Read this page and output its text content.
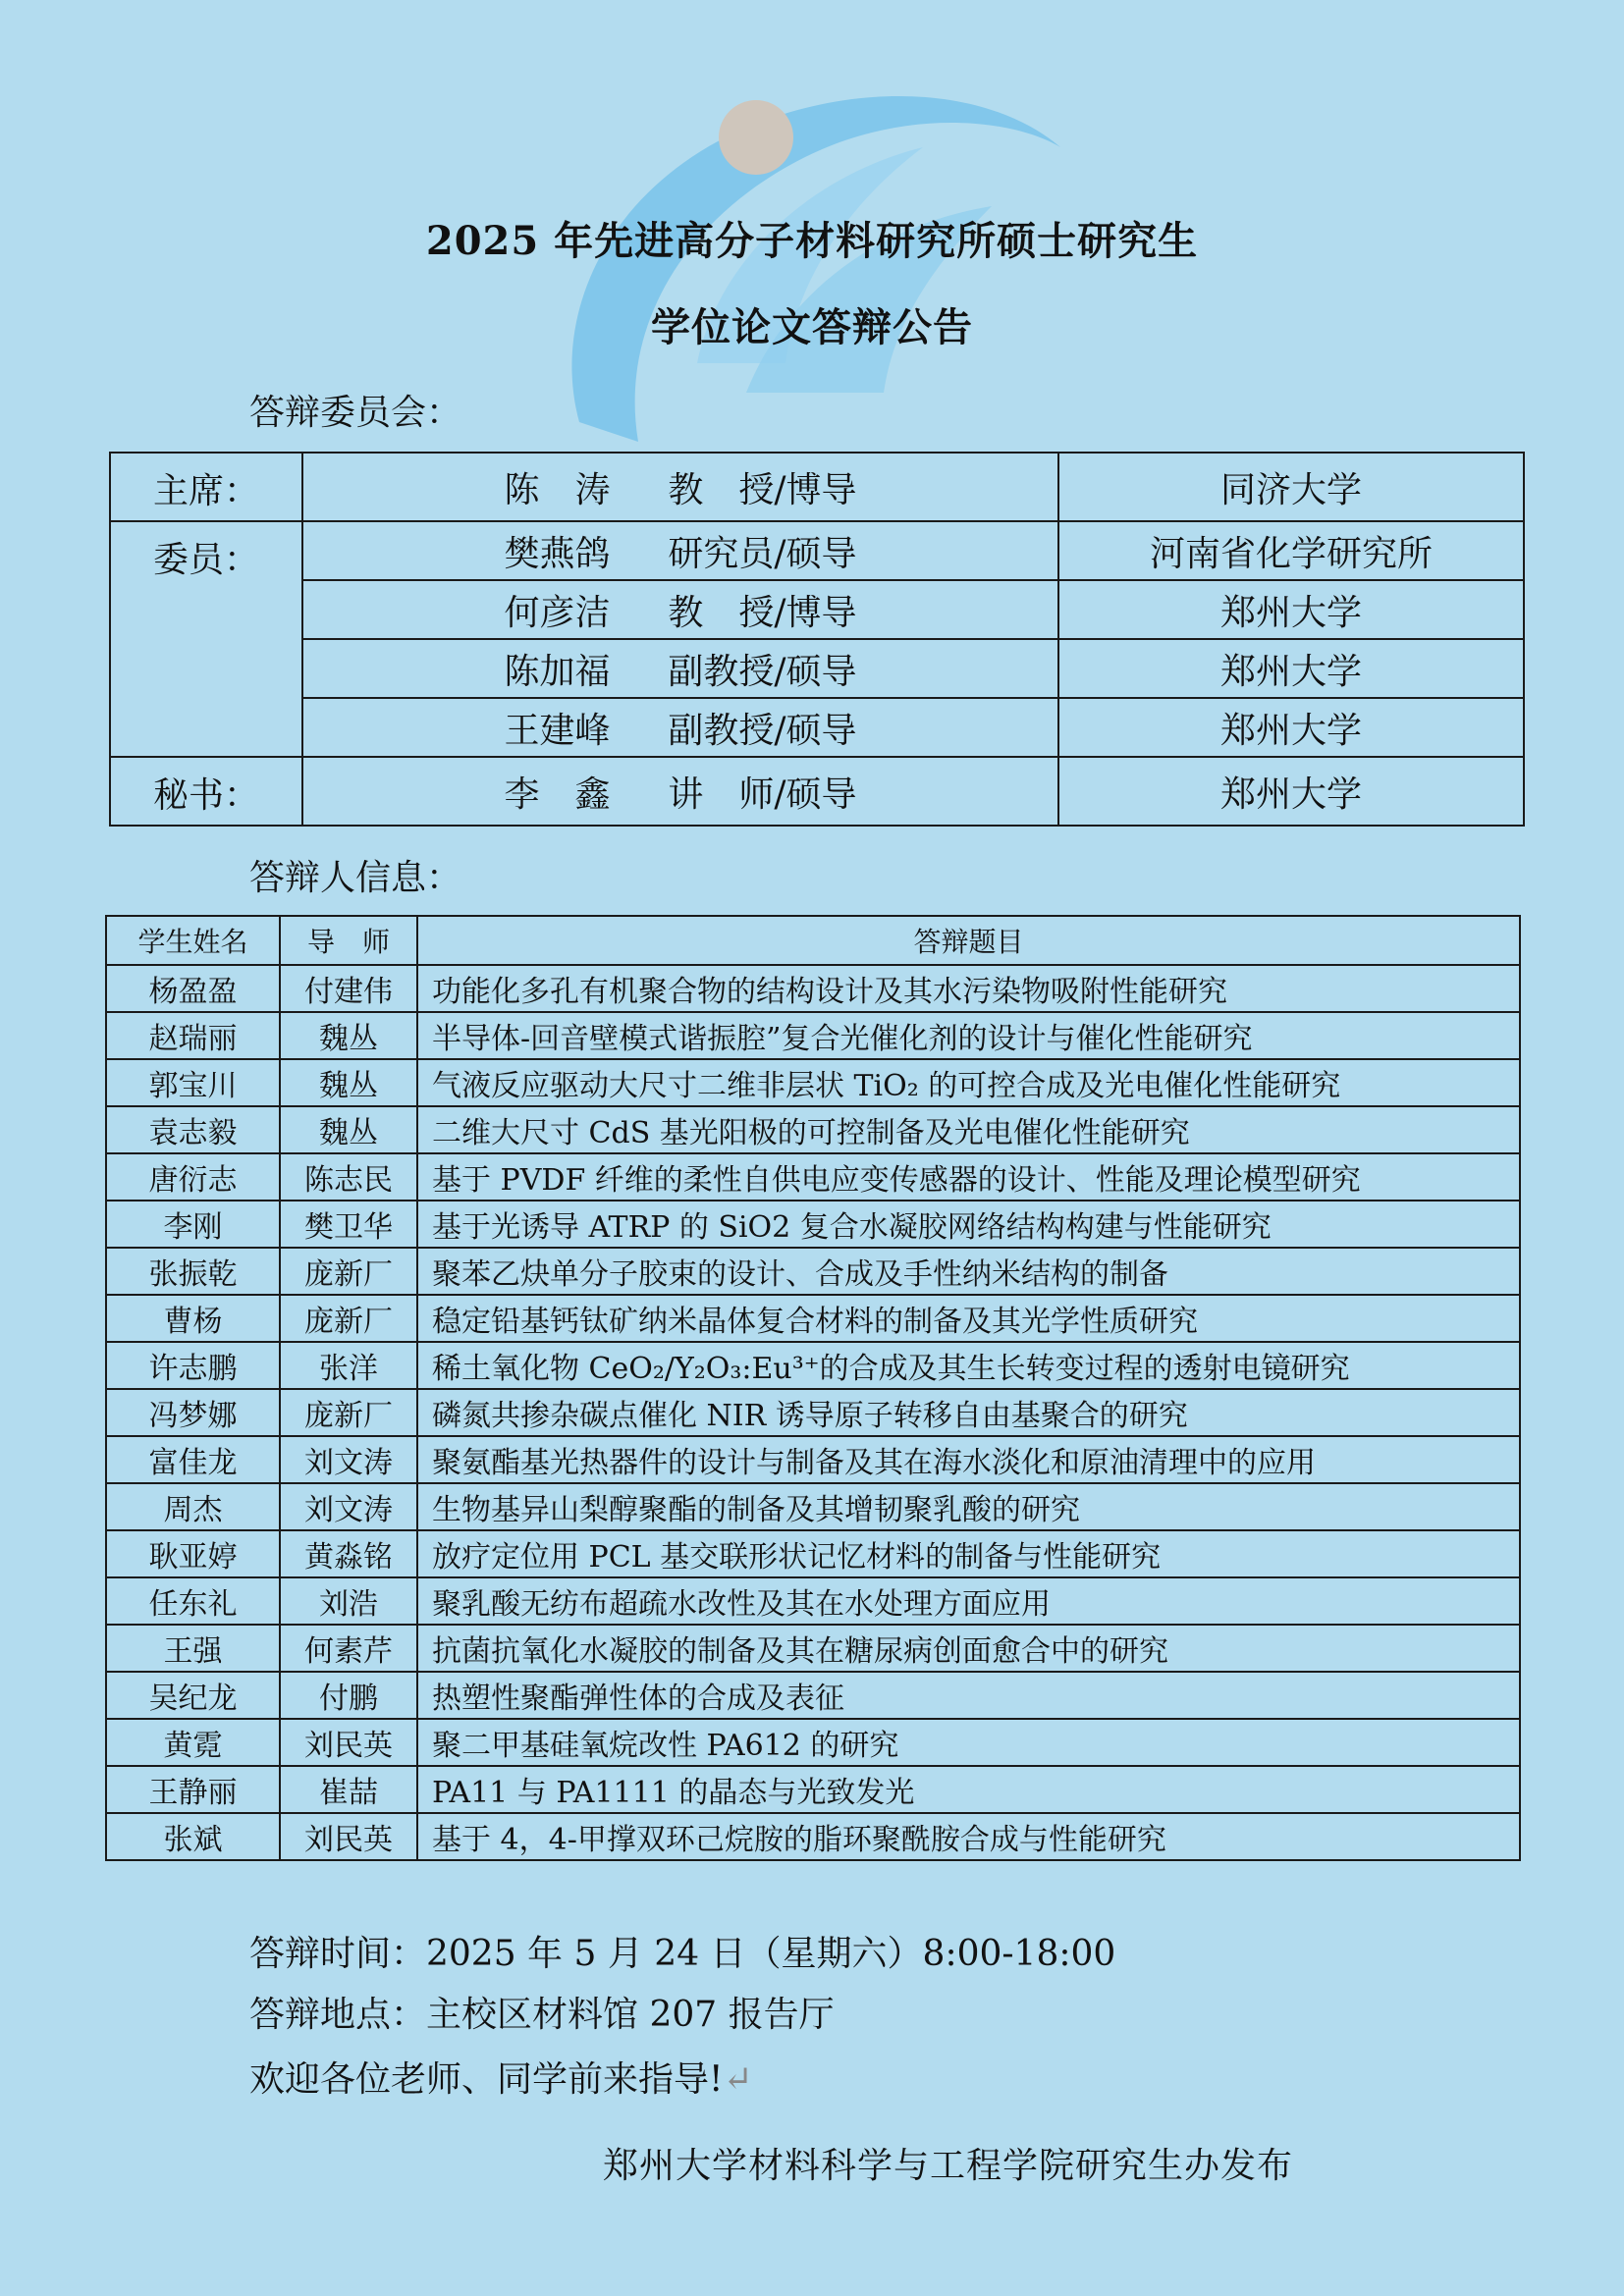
2025 年先进高分子材料研究所硕士研究生
学位论文答辩公告
答辩委员会：
主席：	陈　涛　  教　授/博导	同济大学
委员：	樊燕鸽　  研究员/硕导	河南省化学研究所
	何彦洁　  教　授/博导	郑州大学
	陈加福　  副教授/硕导	郑州大学
	王建峰　  副教授/硕导	郑州大学
秘书：	李　鑫　  讲　师/硕导	郑州大学
答辩人信息：
学生姓名	导　师	答辩题目
杨盈盈	付建伟	功能化多孔有机聚合物的结构设计及其水污染物吸附性能研究
赵瑞丽	魏丛	半导体-回音壁模式谐振腔”复合光催化剂的设计与催化性能研究
郭宝川	魏丛	气液反应驱动大尺寸二维非层状 TiO₂ 的可控合成及光电催化性能研究
袁志毅	魏丛	二维大尺寸 CdS 基光阳极的可控制备及光电催化性能研究
唐衍志	陈志民	基于 PVDF 纤维的柔性自供电应变传感器的设计、性能及理论模型研究
李刚	樊卫华	基于光诱导 ATRP 的 SiO2 复合水凝胶网络结构构建与性能研究
张振乾	庞新厂	聚苯乙炔单分子胶束的设计、合成及手性纳米结构的制备
曹杨	庞新厂	稳定铅基钙钛矿纳米晶体复合材料的制备及其光学性质研究
许志鹏	张洋	稀土氧化物 CeO₂/Y₂O₃:Eu³⁺的合成及其生长转变过程的透射电镜研究
冯梦娜	庞新厂	磷氮共掺杂碳点催化 NIR 诱导原子转移自由基聚合的研究
富佳龙	刘文涛	聚氨酯基光热器件的设计与制备及其在海水淡化和原油清理中的应用
周杰	刘文涛	生物基异山梨醇聚酯的制备及其增韧聚乳酸的研究
耿亚婷	黄淼铭	放疗定位用 PCL 基交联形状记忆材料的制备与性能研究
任东礼	刘浩	聚乳酸无纺布超疏水改性及其在水处理方面应用
王强	何素芹	抗菌抗氧化水凝胶的制备及其在糖尿病创面愈合中的研究
吴纪龙	付鹏	热塑性聚酯弹性体的合成及表征
黄霓	刘民英	聚二甲基硅氧烷改性 PA612 的研究
王静丽	崔喆	PA11 与 PA1111 的晶态与光致发光
张斌	刘民英	基于 4，4-甲撑双环己烷胺的脂环聚酰胺合成与性能研究
答辩时间：2025 年 5 月 24 日（星期六）8:00-18:00
答辩地点：主校区材料馆 207 报告厅
欢迎各位老师、同学前来指导!↵
郑州大学材料科学与工程学院研究生办发布
